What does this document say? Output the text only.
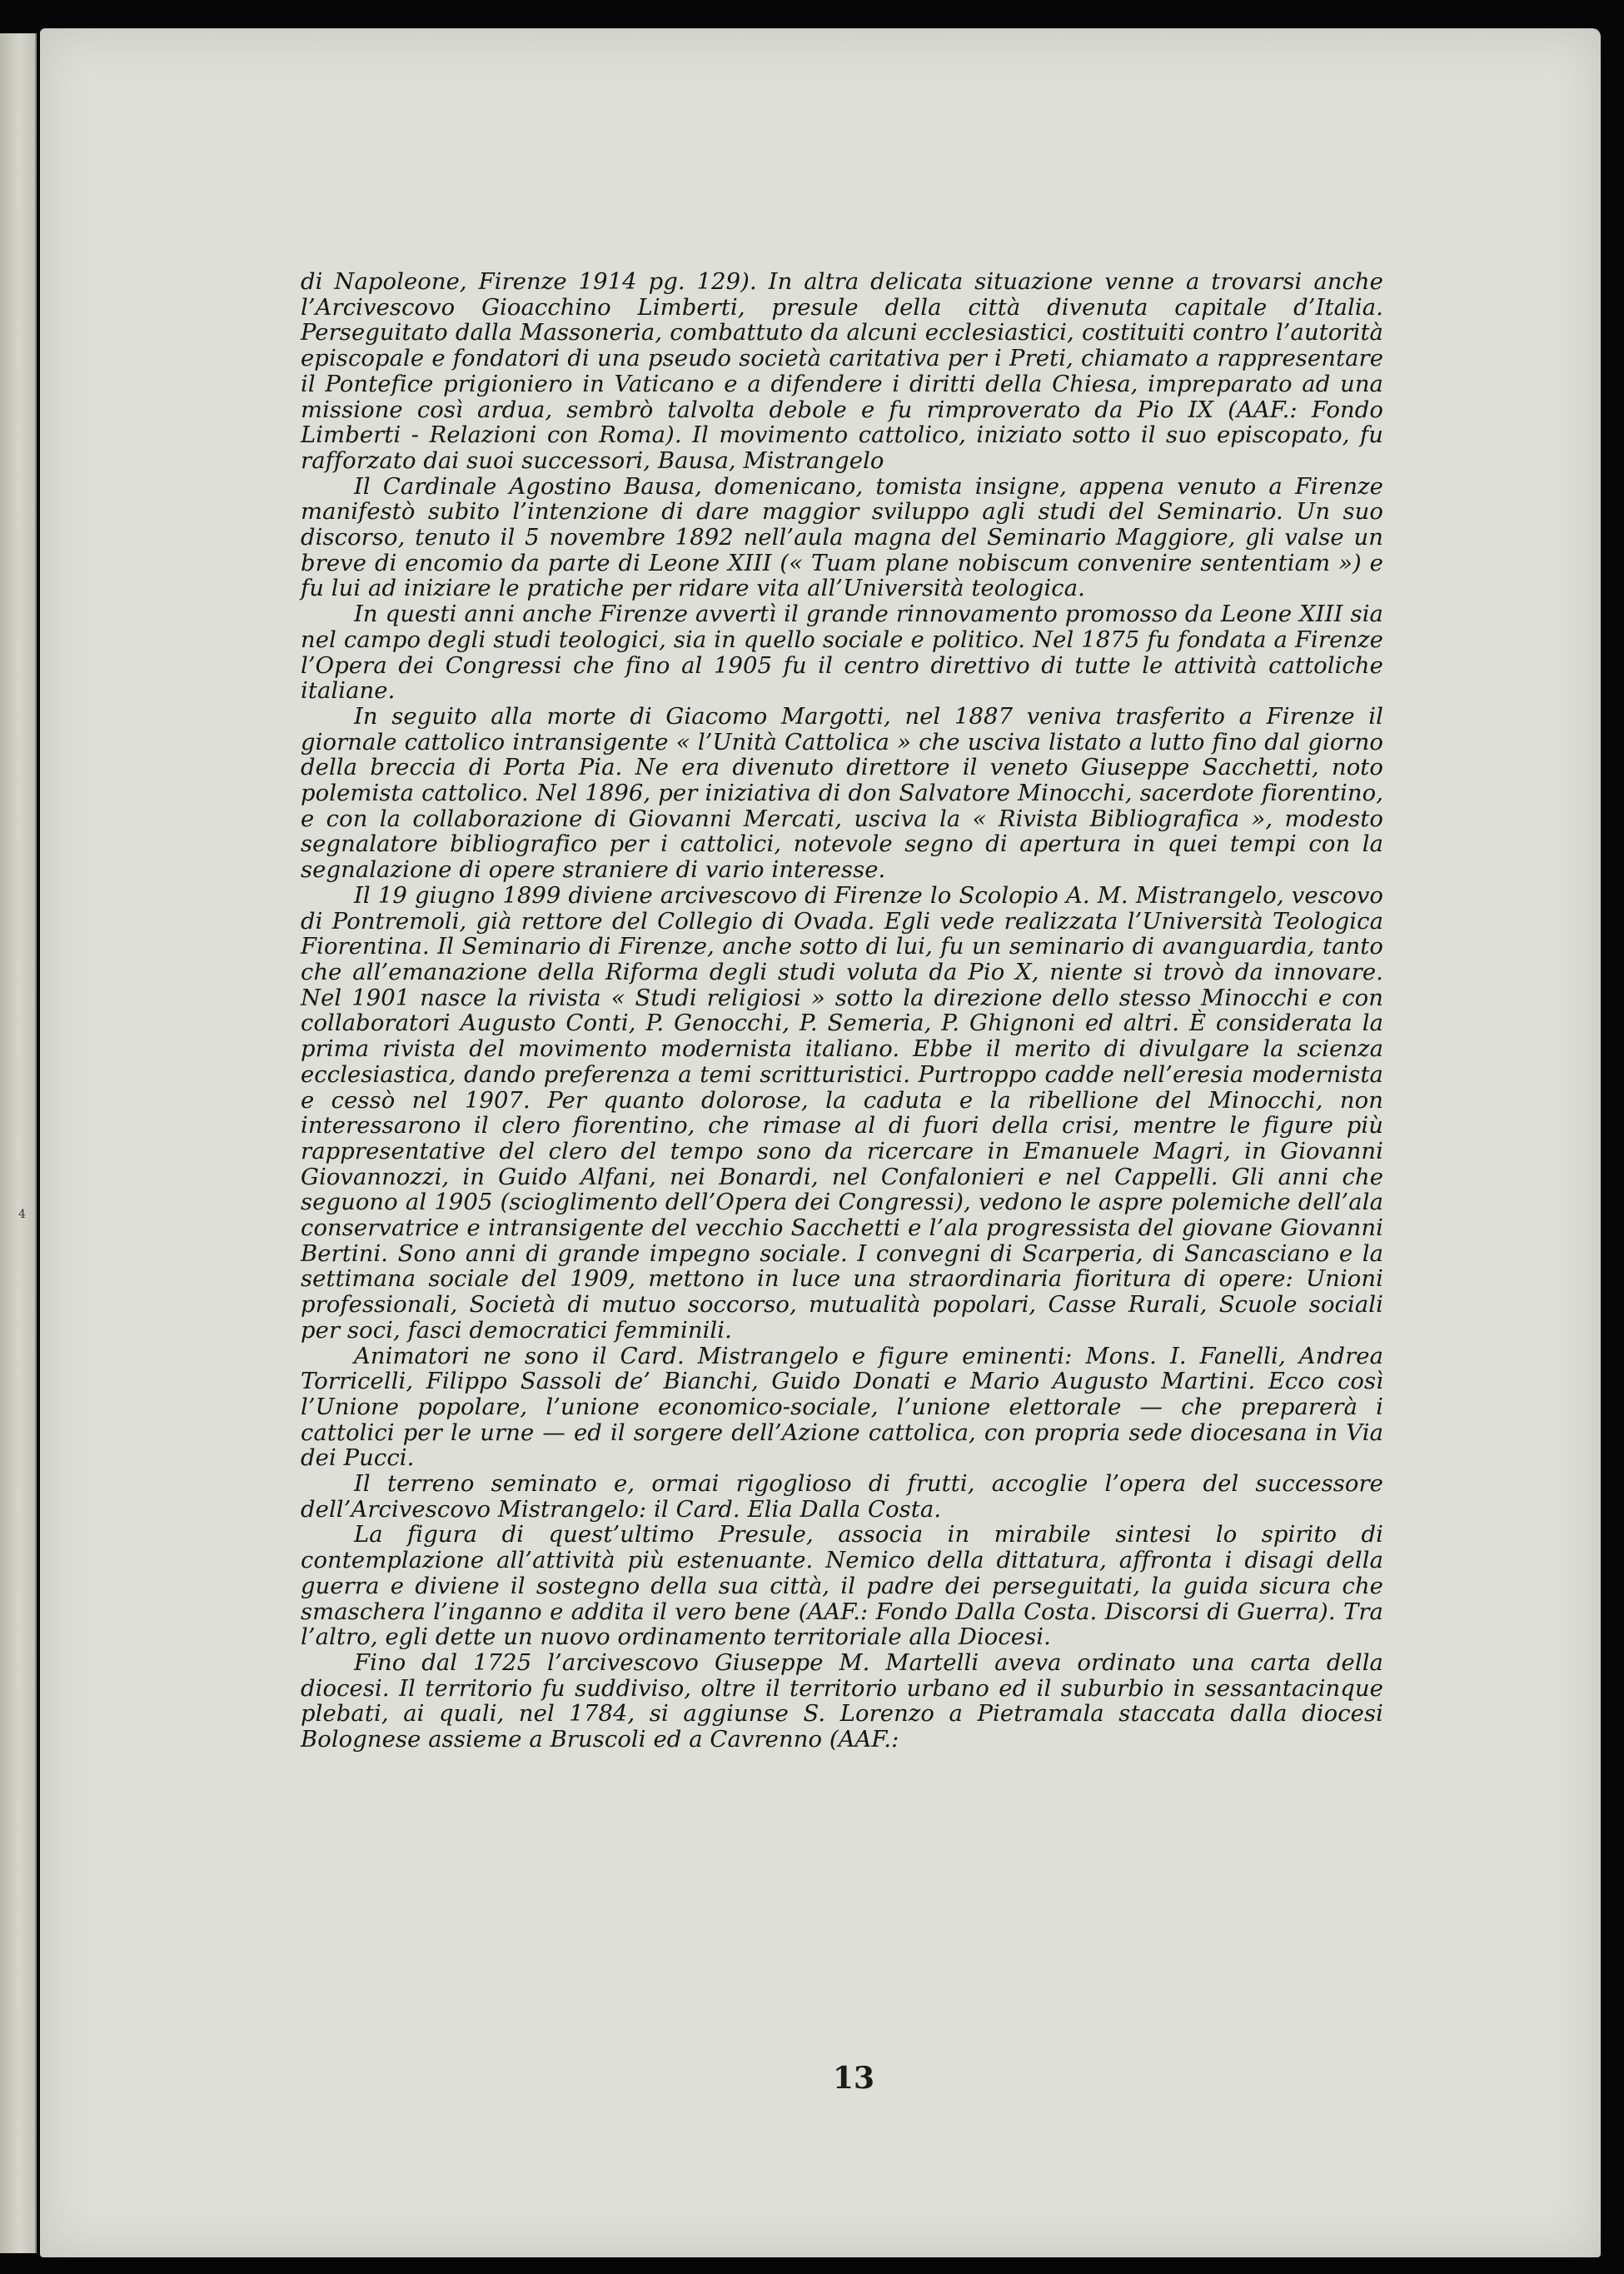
4

di Napoleone, Firenze 1914 pg. 129). In altra delicata situazione venne a trovarsi anche l’Arcivescovo Gioacchino Limberti, presule della città divenuta capitale d’Italia. Perseguitato dalla Massoneria, combattuto da alcuni ecclesiastici, costituiti contro l’autorità episcopale e fondatori di una pseudo società caritativa per i Preti, chiamato a rappresentare il Pontefice prigioniero in Vaticano e a difendere i diritti della Chiesa, impreparato ad una missione così ardua, sembrò talvolta debole e fu rimproverato da Pio IX (AAF.: Fondo Limberti - Relazioni con Roma). Il movimento cattolico, iniziato sotto il suo episcopato, fu rafforzato dai suoi successori, Bausa, Mistrangelo

Il Cardinale Agostino Bausa, domenicano, tomista insigne, appena venuto a Firenze manifestò subito l’intenzione di dare maggior sviluppo agli studi del Seminario. Un suo discorso, tenuto il 5 novembre 1892 nell’aula magna del Seminario Maggiore, gli valse un breve di encomio da parte di Leone XIII (« Tuam plane nobiscum convenire sententiam ») e fu lui ad iniziare le pratiche per ridare vita all’Università teologica.

In questi anni anche Firenze avvertì il grande rinnovamento promosso da Leone XIII sia nel campo degli studi teologici, sia in quello sociale e politico. Nel 1875 fu fondata a Firenze l’Opera dei Congressi che fino al 1905 fu il centro direttivo di tutte le attività cattoliche italiane.

In seguito alla morte di Giacomo Margotti, nel 1887 veniva trasferito a Firenze il giornale cattolico intransigente « l’Unità Cattolica » che usciva listato a lutto fino dal giorno della breccia di Porta Pia. Ne era divenuto direttore il veneto Giuseppe Sacchetti, noto polemista cattolico. Nel 1896, per iniziativa di don Salvatore Minocchi, sacerdote fiorentino, e con la collaborazione di Giovanni Mercati, usciva la « Rivista Bibliografica », modesto segnalatore bibliografico per i cattolici, notevole segno di apertura in quei tempi con la segnalazione di opere straniere di vario interesse.

Il 19 giugno 1899 diviene arcivescovo di Firenze lo Scolopio A. M. Mistrangelo, vescovo di Pontremoli, già rettore del Collegio di Ovada. Egli vede realizzata l’Università Teologica Fiorentina. Il Seminario di Firenze, anche sotto di lui, fu un seminario di avanguardia, tanto che all’emanazione della Riforma degli studi voluta da Pio X, niente si trovò da innovare. Nel 1901 nasce la rivista « Studi religiosi » sotto la direzione dello stesso Minocchi e con collaboratori Augusto Conti, P. Genocchi, P. Semeria, P. Ghignoni ed altri. È considerata la prima rivista del movimento modernista italiano. Ebbe il merito di divulgare la scienza ecclesiastica, dando preferenza a temi scritturistici. Purtroppo cadde nell’eresia modernista e cessò nel 1907. Per quanto dolorose, la caduta e la ribellione del Minocchi, non interessarono il clero fiorentino, che rimase al di fuori della crisi, mentre le figure più rappresentative del clero del tempo sono da ricercare in Emanuele Magri, in Giovanni Giovannozzi, in Guido Alfani, nei Bonardi, nel Confalonieri e nel Cappelli. Gli anni che seguono al 1905 (scioglimento dell’Opera dei Congressi), vedono le aspre polemiche dell’ala conservatrice e intransigente del vecchio Sacchetti e l’ala progressista del giovane Giovanni Bertini. Sono anni di grande impegno sociale. I convegni di Scarperia, di Sancasciano e la settimana sociale del 1909, mettono in luce una straordinaria fioritura di opere: Unioni professionali, Società di mutuo soccorso, mutualità popolari, Casse Rurali, Scuole sociali per soci, fasci democratici femminili.

Animatori ne sono il Card. Mistrangelo e figure eminenti: Mons. I. Fanelli, Andrea Torricelli, Filippo Sassoli de’ Bianchi, Guido Donati e Mario Augusto Martini. Ecco così l’Unione popolare, l’unione economico-sociale, l’unione elettorale — che preparerà i cattolici per le urne — ed il sorgere dell’Azione cattolica, con propria sede diocesana in Via dei Pucci.

Il terreno seminato e, ormai rigoglioso di frutti, accoglie l’opera del successore dell’Arcivescovo Mistrangelo: il Card. Elia Dalla Costa.

La figura di quest’ultimo Presule, associa in mirabile sintesi lo spirito di contemplazione all’attività più estenuante. Nemico della dittatura, affronta i disagi della guerra e diviene il sostegno della sua città, il padre dei perseguitati, la guida sicura che smaschera l’inganno e addita il vero bene (AAF.: Fondo Dalla Costa. Discorsi di Guerra). Tra l’altro, egli dette un nuovo ordinamento territoriale alla Diocesi.

Fino dal 1725 l’arcivescovo Giuseppe M. Martelli aveva ordinato una carta della diocesi. Il territorio fu suddiviso, oltre il territorio urbano ed il suburbio in sessantacinque plebati, ai quali, nel 1784, si aggiunse S. Lorenzo a Pietramala staccata dalla diocesi Bolognese assieme a Bruscoli ed a Cavrenno (AAF.:

13
